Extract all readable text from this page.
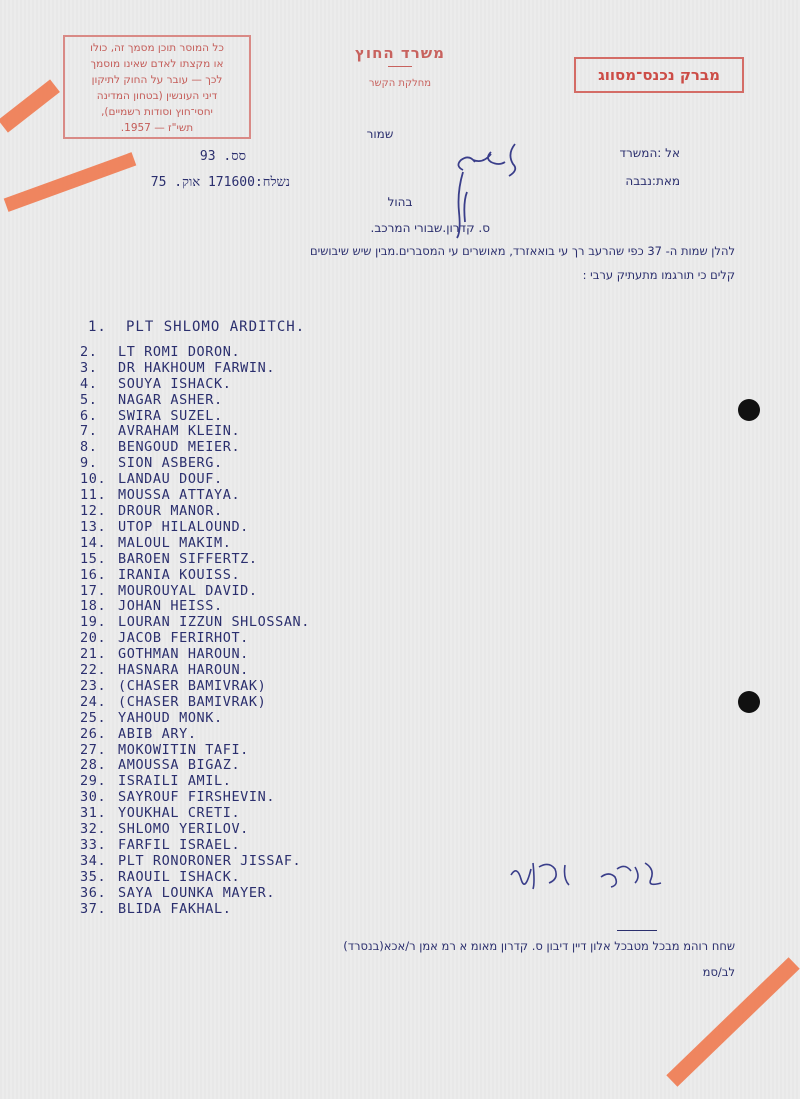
כל המוסר תוכן מסמך זה, כולו
או מקצתו לאדם שאינו מוסמך
לכך — עובר על החוק לתיקון
דיני העונשין (בטחון המדינה
יחסי־חוץ וסודות רשמיים),
תשי"ז — 1957.
משרד החוץ
מחלקת הקשר	מברק נכנס־מסווג
שמור
אל :המשרד
מאת:נבבה
סס. 93
נשלח:171600 אוק. 75
בהול
ס. קדרון.שבורי המרכב.
להלן שמות ה- 37 כפי שהרעב רך עי בואאזרד, מאושרים עי המסברים.מבין שיש שיבושים
קלים כי תורגמו מתעתיק ערבי :
1.	PLT SHLOMO ARDITCH.
2.	LT ROMI DORON.
3.	DR HAKHOUM FARWIN.
4.	SOUYA ISHACK.
5.	NAGAR ASHER.
6.	SWIRA SUZEL.
7.	AVRAHAM KLEIN.
8.	BENGOUD MEIER.
9.	SION ASBERG.
10. LANDAU DOUF.
11. MOUSSA ATTAYA.
12. DROUR MANOR.
13. UTOP HILALOUND.
14. MALOUL MAKIM.
15. BAROEN SIFFERTZ.
16. IRANIA KOUISS.
17. MOUROUYAL DAVID.
18. JOHAN HEISS.
19. LOURAN IZZUN SHLOSSAN.
20. JACOB FERIRHOT.
21. GOTHMAN HAROUN.
22. HASNARA HAROUN.
23. (CHASER BAMIVRAK)
24. (CHASER BAMIVRAK)
25. YAHOUD MONK.
26. ABIB ARY.
27. MOKOWITIN TAFI.
28. AMOUSSA BIGAZ.
29. ISRAILI AMIL.
30. SAYROUF FIRSHEVIN.
31. YOUKHAL CRETI.
32. SHLOMO YERILOV.
33. FARFIL ISRAEL.
34. PLT RONORONER JISSAF.
35. RAOUIL ISHACK.
36. SAYA LOUNKA MAYER.
37. BLIDA FAKHAL.
שחח רוהמ מבכל מטבכל אלון דיין דיבון ס. קדרון מאומ א רמ אמן ר/אכא(בנסרד)
לב/סמ
